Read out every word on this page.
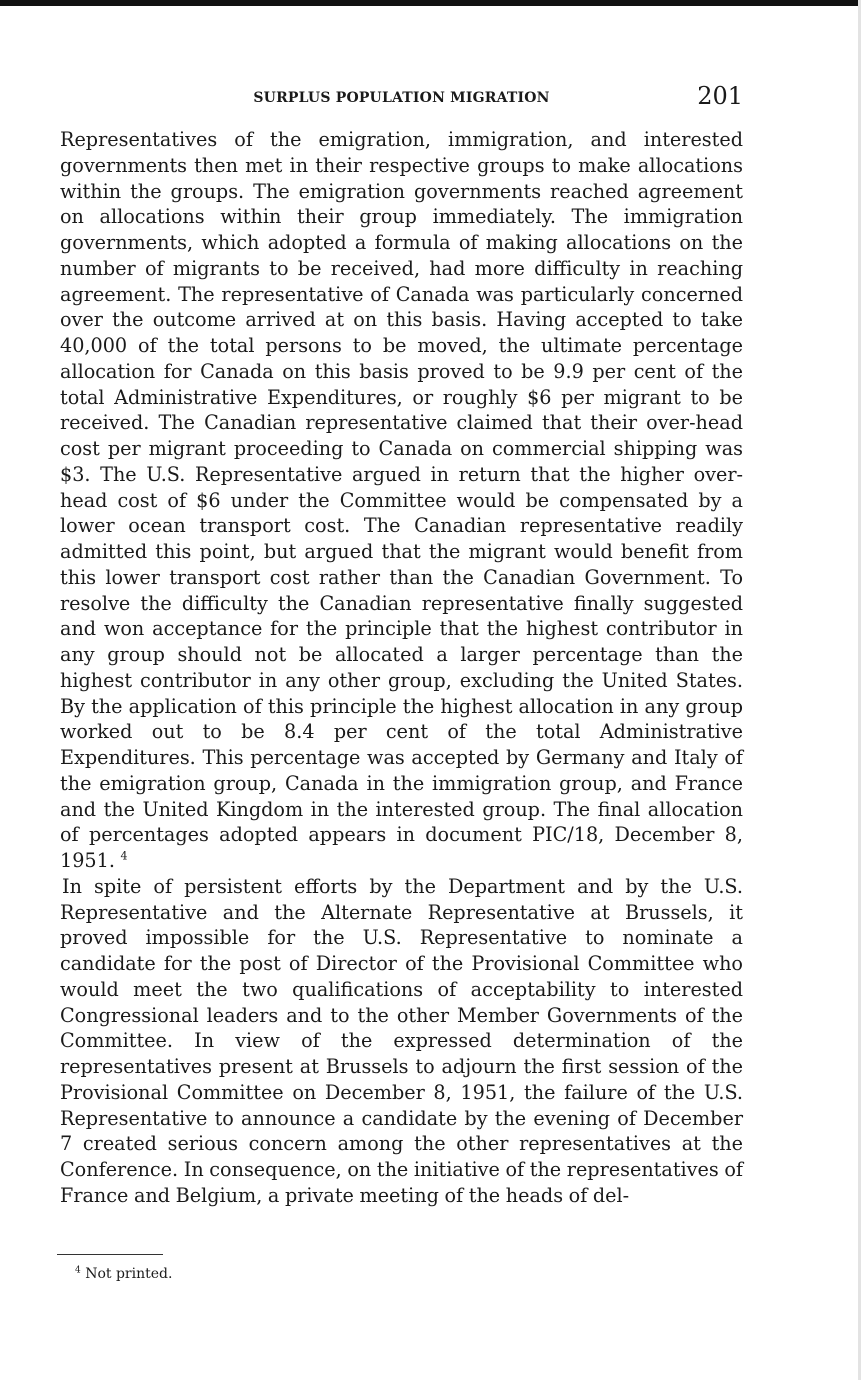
SURPLUS POPULATION MIGRATION	201

Representatives of the emigration, immigration, and interested governments then met in their respective groups to make allocations within the groups. The emigration governments reached agreement on allocations within their group immediately. The immigration governments, which adopted a formula of making allocations on the number of migrants to be received, had more difficulty in reaching agreement. The representative of Canada was particularly concerned over the outcome arrived at on this basis. Having accepted to take 40,000 of the total persons to be moved, the ultimate percentage allocation for Canada on this basis proved to be 9.9 per cent of the total Administrative Expenditures, or roughly $6 per migrant to be received. The Canadian representative claimed that their over-head cost per migrant proceeding to Canada on commercial shipping was $3. The U.S. Representative argued in return that the higher over-head cost of $6 under the Committee would be compensated by a lower ocean transport cost. The Canadian representative readily admitted this point, but argued that the migrant would benefit from this lower transport cost rather than the Canadian Government. To resolve the difficulty the Canadian representative finally suggested and won acceptance for the principle that the highest contributor in any group should not be allocated a larger percentage than the highest contributor in any other group, excluding the United States. By the application of this principle the highest allocation in any group worked out to be 8.4 per cent of the total Administrative Expenditures. This percentage was accepted by Germany and Italy of the emigration group, Canada in the immigration group, and France and the United Kingdom in the interested group. The final allocation of percentages adopted appears in document PIC/18, December 8, 1951. $^4$

In spite of persistent efforts by the Department and by the U.S. Representative and the Alternate Representative at Brussels, it proved impossible for the U.S. Representative to nominate a candidate for the post of Director of the Provisional Committee who would meet the two qualifications of acceptability to interested Congressional leaders and to the other Member Governments of the Committee. In view of the expressed determination of the representatives present at Brussels to adjourn the first session of the Provisional Committee on December 8, 1951, the failure of the U.S. Representative to announce a candidate by the evening of December 7 created serious concern among the other representatives at the Conference. In consequence, on the initiative of the representatives of France and Belgium, a private meeting of the heads of del-

$^4$ Not printed.
